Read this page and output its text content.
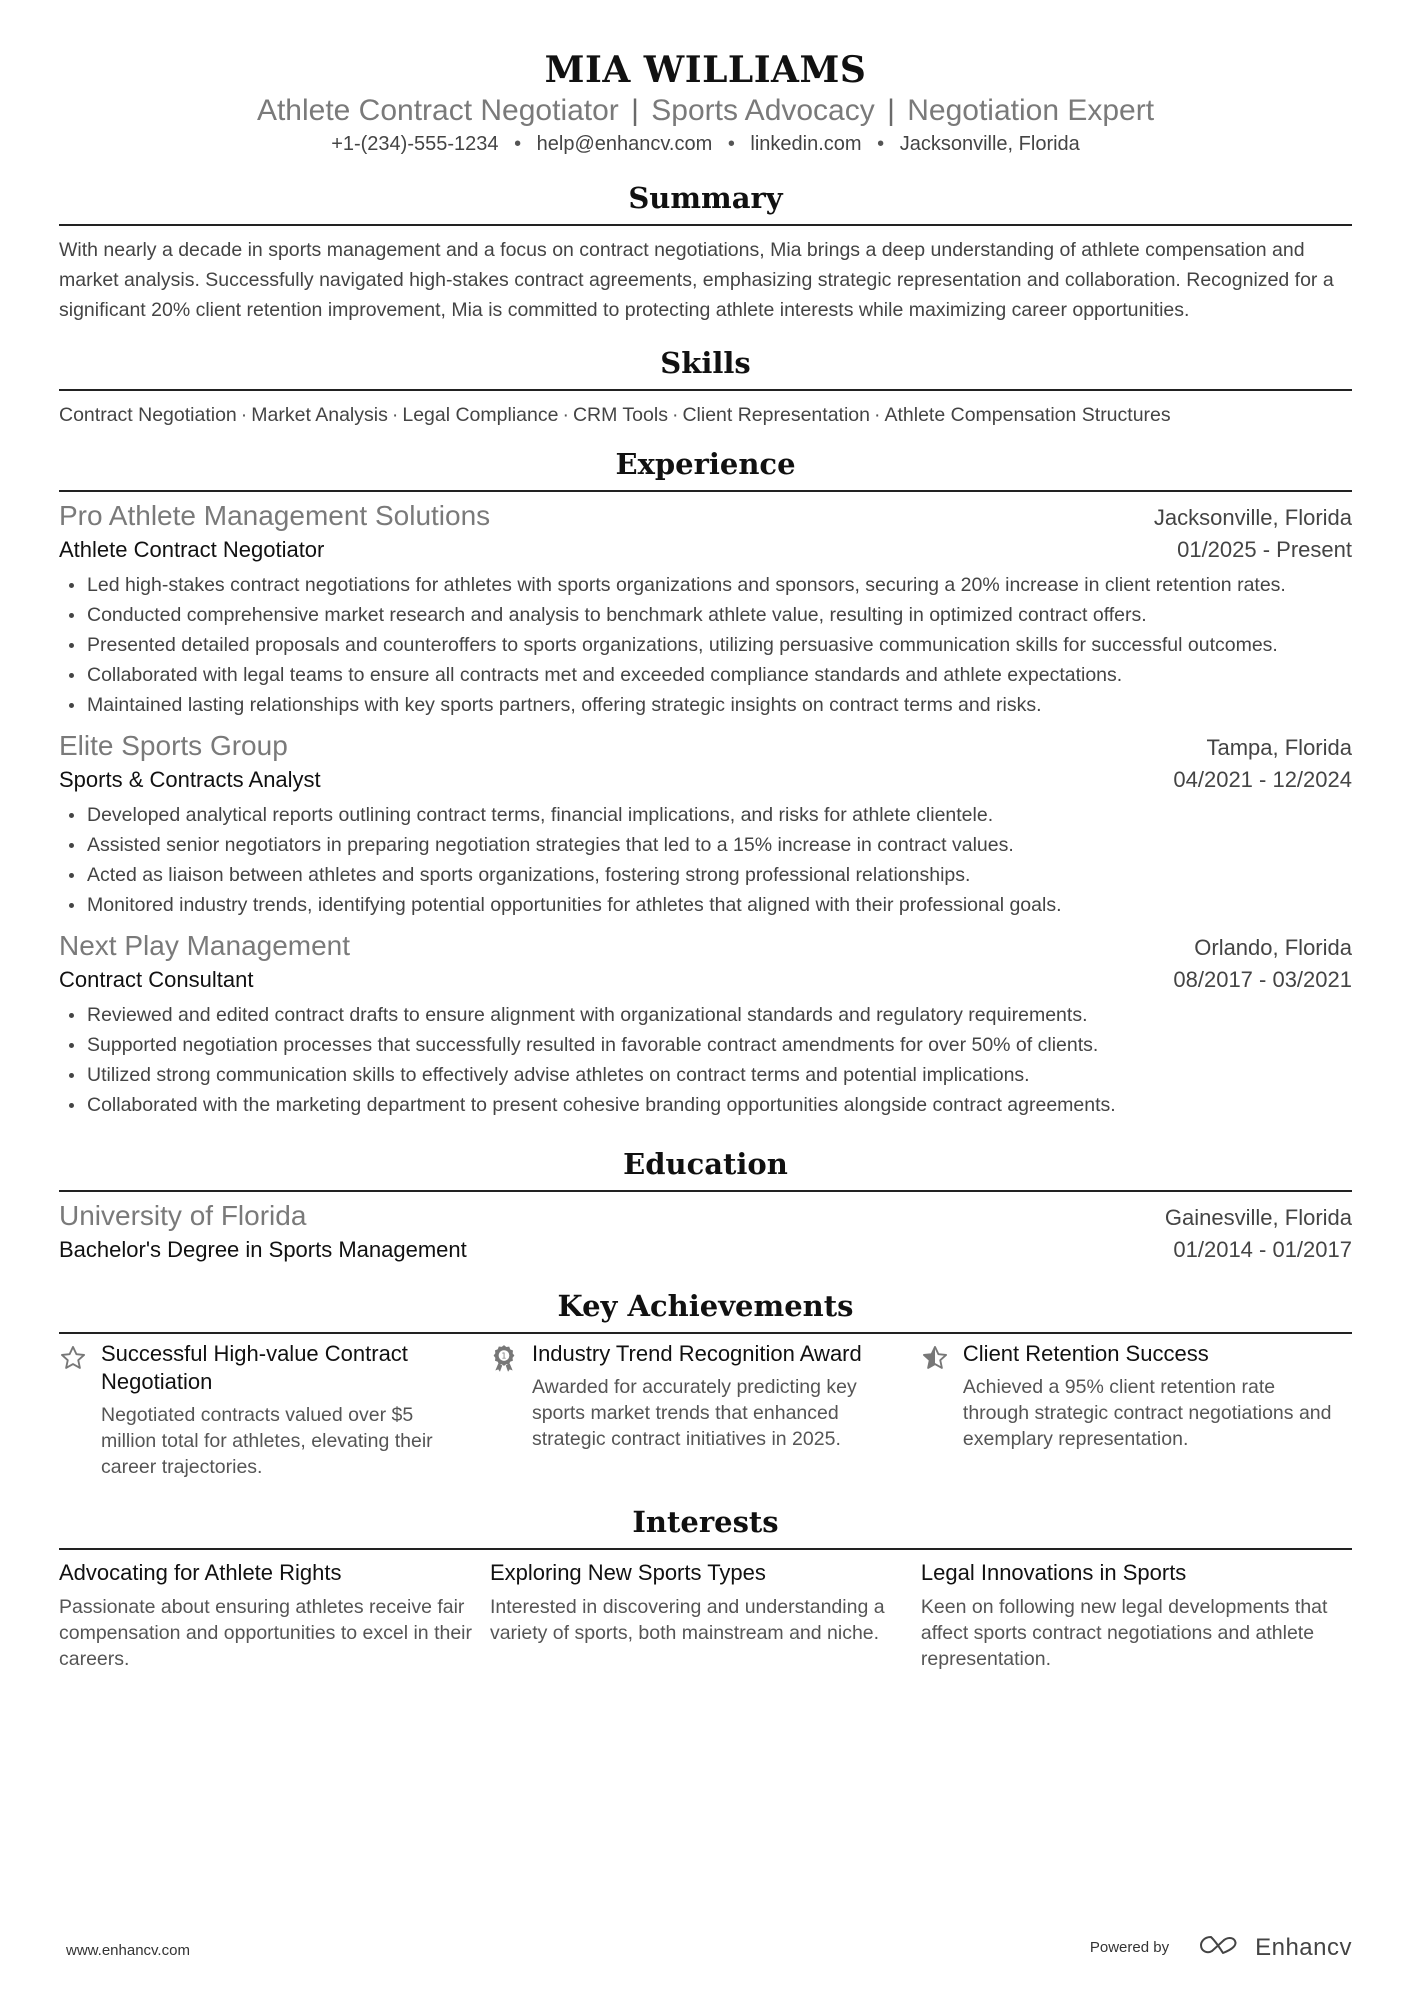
MIA WILLIAMS
Athlete Contract Negotiator | Sports Advocacy | Negotiation Expert
+1-(234)-555-1234 • help@enhancv.com • linkedin.com • Jacksonville, Florida
Summary
With nearly a decade in sports management and a focus on contract negotiations, Mia brings a deep understanding of athlete compensation and market analysis. Successfully navigated high-stakes contract agreements, emphasizing strategic representation and collaboration. Recognized for a significant 20% client retention improvement, Mia is committed to protecting athlete interests while maximizing career opportunities.
Skills
Contract Negotiation · Market Analysis · Legal Compliance · CRM Tools · Client Representation · Athlete Compensation Structures
Experience
Pro Athlete Management Solutions	Jacksonville, Florida
Athlete Contract Negotiator	01/2025 - Present
Led high-stakes contract negotiations for athletes with sports organizations and sponsors, securing a 20% increase in client retention rates.
Conducted comprehensive market research and analysis to benchmark athlete value, resulting in optimized contract offers.
Presented detailed proposals and counteroffers to sports organizations, utilizing persuasive communication skills for successful outcomes.
Collaborated with legal teams to ensure all contracts met and exceeded compliance standards and athlete expectations.
Maintained lasting relationships with key sports partners, offering strategic insights on contract terms and risks.
Elite Sports Group	Tampa, Florida
Sports & Contracts Analyst	04/2021 - 12/2024
Developed analytical reports outlining contract terms, financial implications, and risks for athlete clientele.
Assisted senior negotiators in preparing negotiation strategies that led to a 15% increase in contract values.
Acted as liaison between athletes and sports organizations, fostering strong professional relationships.
Monitored industry trends, identifying potential opportunities for athletes that aligned with their professional goals.
Next Play Management	Orlando, Florida
Contract Consultant	08/2017 - 03/2021
Reviewed and edited contract drafts to ensure alignment with organizational standards and regulatory requirements.
Supported negotiation processes that successfully resulted in favorable contract amendments for over 50% of clients.
Utilized strong communication skills to effectively advise athletes on contract terms and potential implications.
Collaborated with the marketing department to present cohesive branding opportunities alongside contract agreements.
Education
University of Florida	Gainesville, Florida
Bachelor's Degree in Sports Management	01/2014 - 01/2017
Key Achievements
Successful High-value Contract Negotiation
Negotiated contracts valued over $5 million total for athletes, elevating their career trajectories.
1 Industry Trend Recognition Award
Awarded for accurately predicting key sports market trends that enhanced strategic contract initiatives in 2025.
Client Retention Success
Achieved a 95% client retention rate through strategic contract negotiations and exemplary representation.
Interests
Advocating for Athlete Rights
Passionate about ensuring athletes receive fair compensation and opportunities to excel in their careers.
Exploring New Sports Types
Interested in discovering and understanding a variety of sports, both mainstream and niche.
Legal Innovations in Sports
Keen on following new legal developments that affect sports contract negotiations and athlete representation.
www.enhancv.com	Powered by	Enhancv
